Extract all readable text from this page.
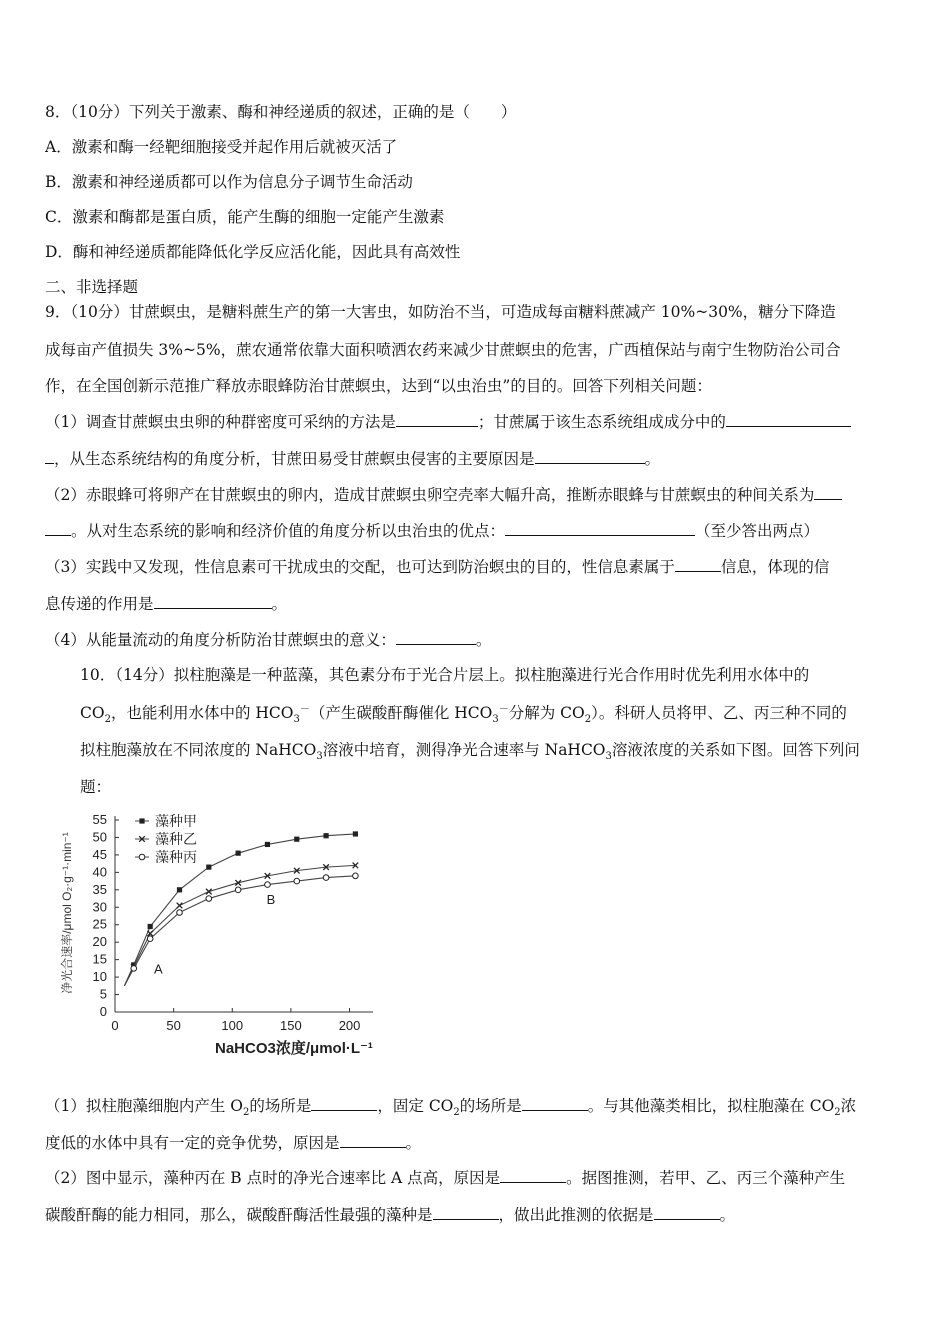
8．（10分）下列关于激素、酶和神经递质的叙述，正确的是（　　）
A．激素和酶一经靶细胞接受并起作用后就被灭活了
B．激素和神经递质都可以作为信息分子调节生命活动
C．激素和酶都是蛋白质，能产生酶的细胞一定能产生激素
D．酶和神经递质都能降低化学反应活化能，因此具有高效性
二、非选择题
9．（10分）甘蔗螟虫，是糖料蔗生产的第一大害虫，如防治不当，可造成每亩糖料蔗减产 10%~30%，糖分下降造
成每亩产值损失 3%~5%，蔗农通常依靠大面积喷洒农药来减少甘蔗螟虫的危害，广西植保站与南宁生物防治公司合
作，在全国创新示范推广释放赤眼蜂防治甘蔗螟虫，达到“以虫治虫”的目的。回答下列相关问题：
（1）调查甘蔗螟虫虫卵的种群密度可采纳的方法是	；甘蔗属于该生态系统组成成分中的
，从生态系统结构的角度分析，甘蔗田易受甘蔗螟虫侵害的主要原因是	。
（2）赤眼蜂可将卵产在甘蔗螟虫的卵内，造成甘蔗螟虫卵空壳率大幅升高，推断赤眼蜂与甘蔗螟虫的种间关系为
。从对生态系统的影响和经济价值的角度分析以虫治虫的优点：	（至少答出两点）
（3）实践中又发现，性信息素可干扰成虫的交配，也可达到防治螟虫的目的，性信息素属于	信息，体现的信
息传递的作用是	。
（4）从能量流动的角度分析防治甘蔗螟虫的意义：	。
10．（14分）拟柱胞藻是一种蓝藻，其色素分布于光合片层上。拟柱胞藻进行光合作用时优先利用水体中的
$CO_2$，也能利用水体中的 $HCO_3^-$（产生碳酸酐酶催化 $HCO_3^-$分解为 $CO_2$）。科研人员将甲、乙、丙三种不同的
拟柱胞藻放在不同浓度的 NaHCO$_3$溶液中培育，测得净光合速率与 NaHCO$_3$溶液浓度的关系如下图。回答下列问
题：
0
5
10
15
20
25
30
35
40
45
50
55
0	50	100	150	200
藻种甲
藻种乙
藻种丙
A
B
NaHCO3浓度/μmol·L⁻¹
净光合速率/μmol O₂·g⁻¹·min⁻¹
（1）拟柱胞藻细胞内产生 $O_2$的场所是	，固定 $CO_2$的场所是	。与其他藻类相比，拟柱胞藻在 $CO_2$浓
度低的水体中具有一定的竞争优势，原因是	。
（2）图中显示，藻种丙在 B 点时的净光合速率比 A 点高，原因是	。据图推测，若甲、乙、丙三个藻种产生
碳酸酐酶的能力相同，那么，碳酸酐酶活性最强的藻种是	，做出此推测的依据是	。
